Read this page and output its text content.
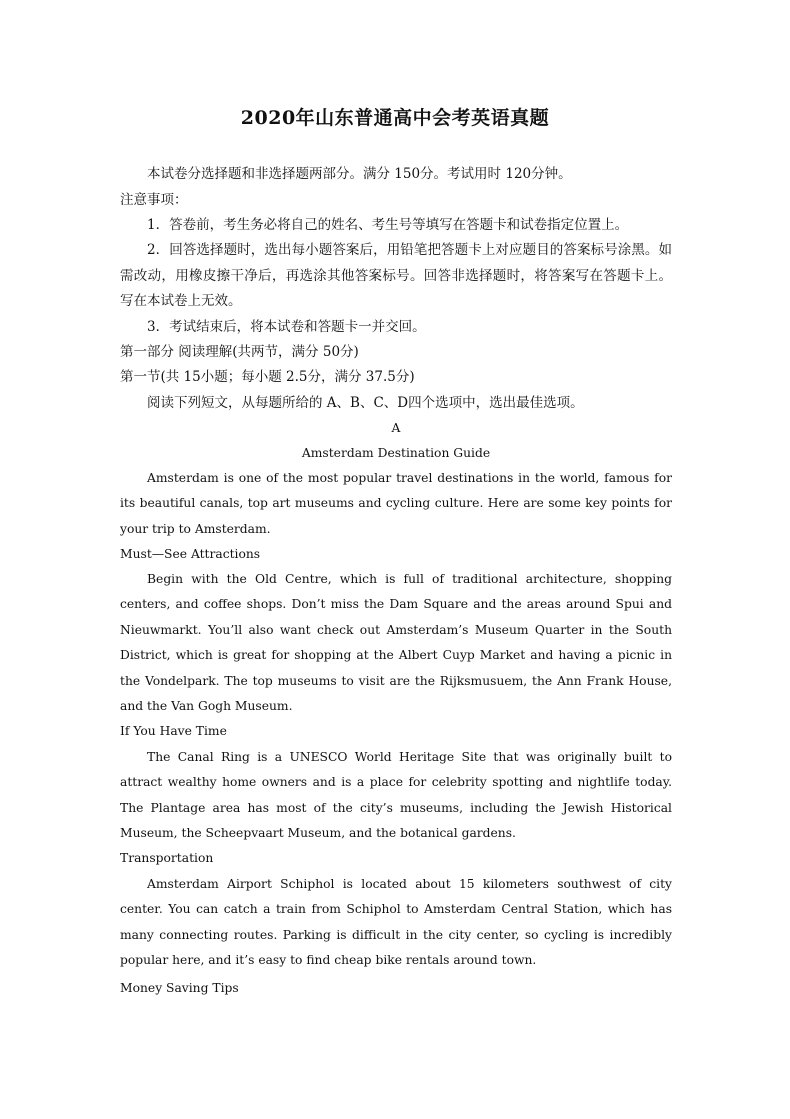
2020年山东普通高中会考英语真题
本试卷分选择题和非选择题两部分。满分 150分。考试用时 120分钟。
注意事项：
1．答卷前，考生务必将自己的姓名、考生号等填写在答题卡和试卷指定位置上。
2．回答选择题时，选出每小题答案后，用铅笔把答题卡上对应题目的答案标号涂黑。如需改动，用橡皮擦干净后，再选涂其他答案标号。回答非选择题时，将答案写在答题卡上。写在本试卷上无效。
3．考试结束后，将本试卷和答题卡一并交回。
第一部分 阅读理解(共两节，满分 50分)
第一节(共 15小题；每小题 2.5分，满分 37.5分)
阅读下列短文，从每题所给的 A、B、C、D四个选项中，选出最佳选项。
A
Amsterdam Destination Guide
Amsterdam is one of the most popular travel destinations in the world, famous for its beautiful canals, top art museums and cycling culture. Here are some key points for your trip to Amsterdam.
Must—See Attractions
Begin with the Old Centre, which is full of traditional architecture, shopping centers, and coffee shops. Don’t miss the Dam Square and the areas around Spui and Nieuwmarkt. You’ll also want check out Amsterdam’s Museum Quarter in the South District, which is great for shopping at the Albert Cuyp Market and having a picnic in the Vondelpark. The top museums to visit are the Rijksmusuem, the Ann Frank House, and the Van Gogh Museum.
If You Have Time
The Canal Ring is a UNESCO World Heritage Site that was originally built to attract wealthy home owners and is a place for celebrity spotting and nightlife today. The Plantage area has most of the city’s museums, including the Jewish Historical Museum, the Scheepvaart Museum, and the botanical gardens.
Transportation
Amsterdam Airport Schiphol is located about 15 kilometers southwest of city center. You can catch a train from Schiphol to Amsterdam Central Station, which has many connecting routes. Parking is difficult in the city center, so cycling is incredibly popular here, and it’s easy to find cheap bike rentals around town.
Money Saving Tips
